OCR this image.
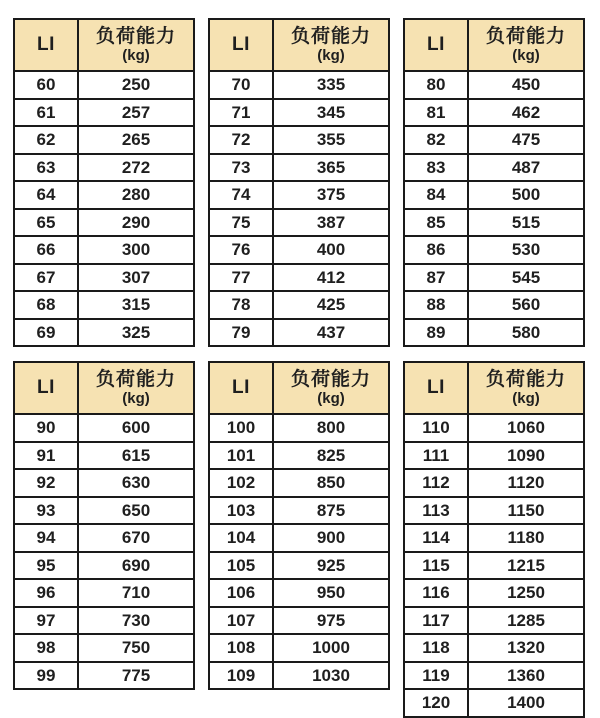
LI	负荷能力
(kg)

60	250
61	257
62	265
63	272
64	280
65	290
66	300
67	307
68	315
69	325
LI	负荷能力
(kg)

70	335
71	345
72	355
73	365
74	375
75	387
76	400
77	412
78	425
79	437
LI	负荷能力
(kg)

80	450
81	462
82	475
83	487
84	500
85	515
86	530
87	545
88	560
89	580
LI	负荷能力
(kg)

90	600
91	615
92	630
93	650
94	670
95	690
96	710
97	730
98	750
99	775
LI	负荷能力
(kg)

100	800
101	825
102	850
103	875
104	900
105	925
106	950
107	975
108	1000
109	1030
LI	负荷能力
(kg)

110	1060
111	1090
112	1120
113	1150
114	1180
115	1215
116	1250
117	1285
118	1320
119	1360
120	1400
